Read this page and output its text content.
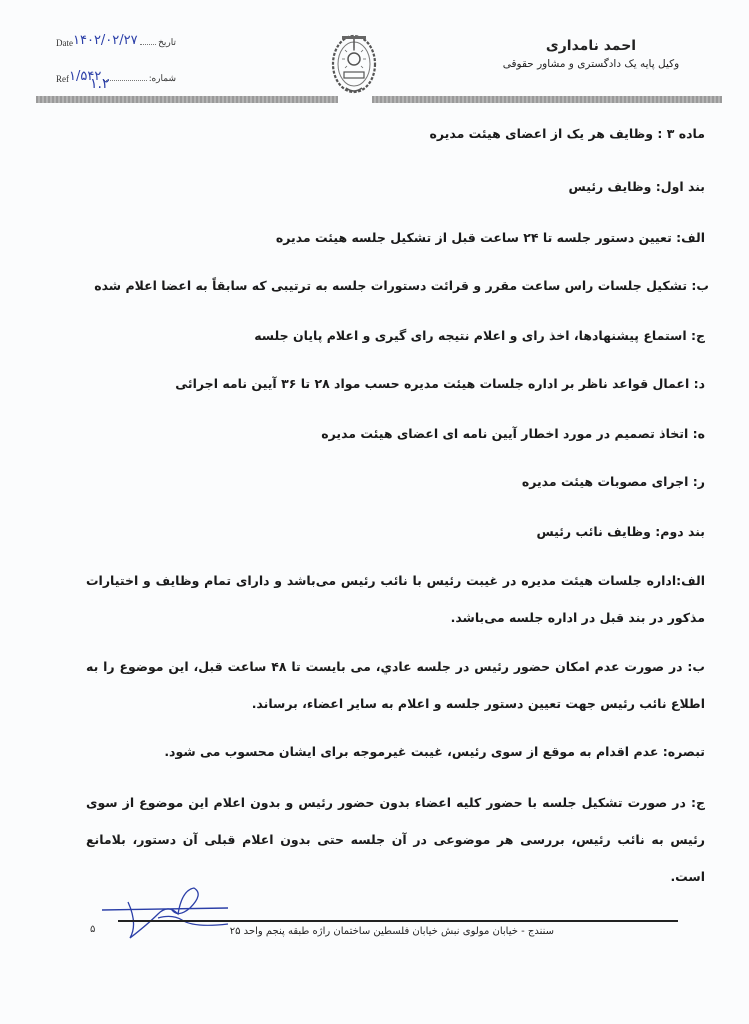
Date ۱۴۰۲/۰۲/۲۷ تاریخ
Ref ۱/۵۴۲	شماره:
۱.۲
احمد نامداری
وکیل پایه یک دادگستری و مشاور حقوقی
ماده ۳ : وظایف هر یک از اعضای هیئت مدیره
بند اول: وظایف رئیس
الف: تعیین دستور جلسه تا ۲۴ ساعت قبل از تشکیل جلسه هیئت مدیره
ب: تشکیل جلسات راس ساعت مقرر و قرائت دستورات جلسه به ترتیبی که سابقاً به اعضا اعلام شده
ج: استماع پیشنهادها، اخذ رای و اعلام نتیجه رای گیری و اعلام پایان جلسه
د: اعمال قواعد ناظر بر اداره جلسات هیئت مدیره حسب مواد ۲۸ تا ۳۶ آیین نامه اجرائی
ه: اتخاذ تصمیم در مورد اخطار آیین نامه ای اعضای هیئت مدیره
ر: اجرای مصوبات هیئت مدیره
بند دوم: وظایف نائب رئیس
الف:اداره جلسات هیئت مدیره در غیبت رئیس با نائب رئیس می‌باشد و دارای تمام وظایف و اختیارات مذکور در بند قبل در اداره جلسه می‌باشد.
ب: در صورت عدم امکان حضور رئیس در جلسه عادي، می بایست تا ۴۸ ساعت قبل، این موضوع را به اطلاع نائب رئیس جهت تعیین دستور جلسه و اعلام به سایر اعضاء، برساند.
تبصره: عدم اقدام به موقع از سوی رئیس، غیبت غیرموجه برای ایشان محسوب می شود.
ج: در صورت تشکیل جلسه با حضور کلیه اعضاء بدون حضور رئیس و بدون اعلام این موضوع از سوی رئیس به نائب رئیس، بررسی هر موضوعی در آن جلسه حتی بدون اعلام قبلی آن دستور، بلامانع است.
۵	سنندج - خیابان مولوی نبش خیابان فلسطین ساختمان راژه طبقه پنجم واحد ۲۵
